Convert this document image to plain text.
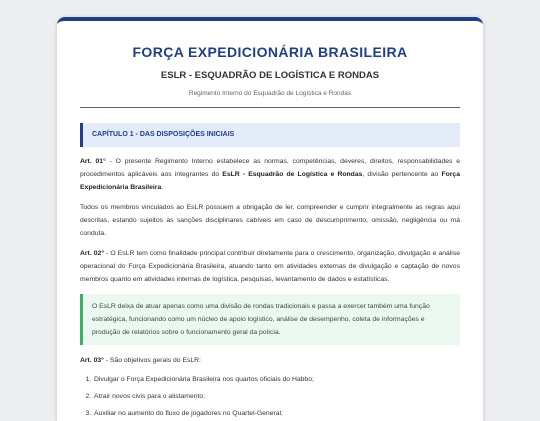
FORÇA EXPEDICIONÁRIA BRASILEIRA
ESLR - ESQUADRÃO DE LOGÍSTICA E RONDAS
Regimento Interno do Esquadrão de Logística e Rondas
CAPÍTULO 1 - DAS DISPOSIÇÕES INICIAIS

Art. 01° - O presente Regimento Interno estabelece as normas, competências, deveres, direitos, responsabilidades e procedimentos aplicáveis aos integrantes do EsLR - Esquadrão de Logística e Rondas, divisão pertencente ao Força Expedicionária Brasileira.

Todos os membros vinculados ao EsLR possuem a obrigação de ler, compreender e cumprir integralmente as regras aqui descritas, estando sujeitos às sanções disciplinares cabíveis em caso de descumprimento, omissão, negligência ou má conduta.

Art. 02° - O EsLR tem como finalidade principal contribuir diretamente para o crescimento, organização, divulgação e análise operacional do Força Expedicionária Brasileira, atuando tanto em atividades externas de divulgação e captação de novos membros quanto em atividades internas de logística, pesquisas, levantamento de dados e estatísticas.

O EsLR deixa de atuar apenas como uma divisão de rondas tradicionais e passa a exercer também uma função estratégica, funcionando como um núcleo de apoio logístico, análise de desempenho, coleta de informações e produção de relatórios sobre o funcionamento geral da polícia.

Art. 03° - São objetivos gerais do EsLR:

1. Divulgar o Força Expedicionária Brasileira nos quartos oficiais do Habbo;
2. Atrair novos civis para o alistamento;
3. Auxiliar no aumento do fluxo de jogadores no Quartel-General;
